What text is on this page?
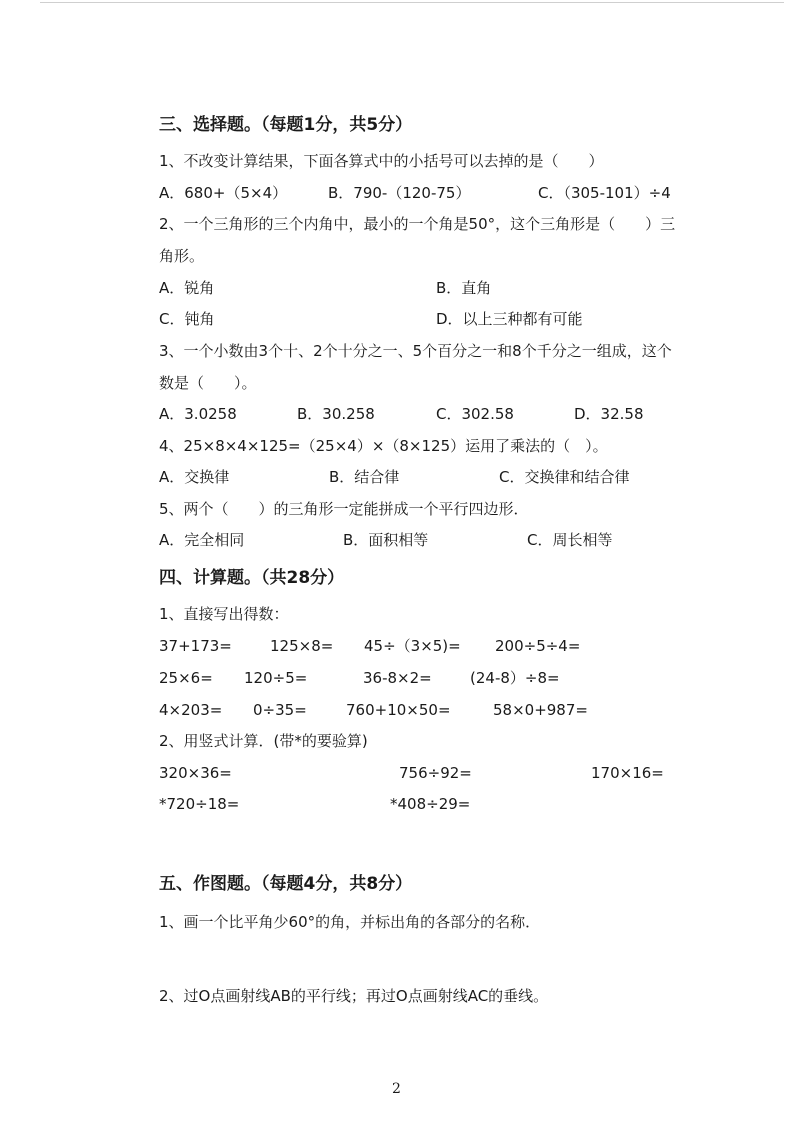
三、选择题。（每题1分，共5分）
1、不改变计算结果，下面各算式中的小括号可以去掉的是（　　）
A．680+（5×4）	B．790-（120-75）	C．（305-101）÷4
2、一个三角形的三个内角中，最小的一个角是50°，这个三角形是（　　）三
角形。
A．锐角	B．直角
C．钝角	D．以上三种都有可能
3、一个小数由3个十、2个十分之一、5个百分之一和8个千分之一组成，这个
数是（　　）。
A．3.0258	B．30.258	C．302.58	D．32.58
4、25×8×4×125=（25×4）×（8×125）运用了乘法的（　）。
A．交换律	B．结合律	C．交换律和结合律
5、两个（　　）的三角形一定能拼成一个平行四边形．
A．完全相同	B．面积相等	C．周长相等
四、计算题。（共28分）
1、直接写出得数：
37+173=	125×8= 45÷（3×5)= 200÷5÷4=
25×6= 120÷5=	36-8×2=	(24-8）÷8=
4×203= 0÷35=	760+10×50=	58×0+987=
2、用竖式计算．(带*的要验算)
320×36=	756÷92=	170×16=
*720÷18=	*408÷29=
五、作图题。（每题4分，共8分）
1、画一个比平角少60°的角，并标出角的各部分的名称．
2、过O点画射线AB的平行线；再过O点画射线AC的垂线。
2
